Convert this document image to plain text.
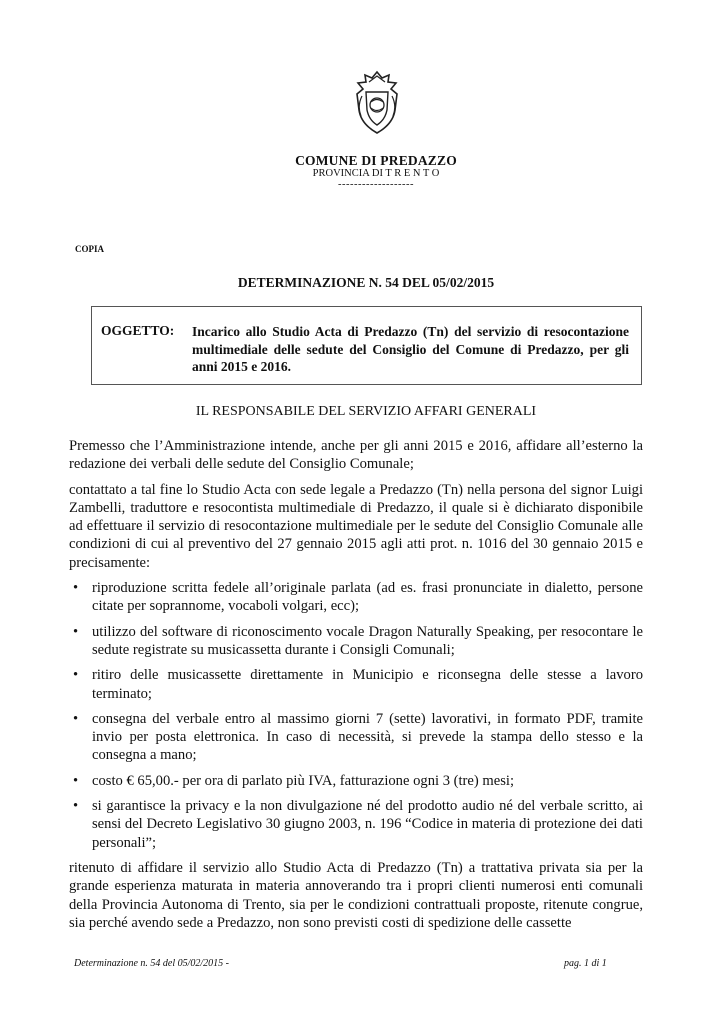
COMUNE DI PREDAZZO
PROVINCIA DI T R E N T O
-------------------
COPIA
DETERMINAZIONE N. 54 DEL 05/02/2015
OGGETTO: Incarico allo Studio Acta di Predazzo (Tn) del servizio di resocontazione multimediale delle sedute del Consiglio del Comune di Predazzo, per gli anni 2015 e 2016.
IL RESPONSABILE DEL SERVIZIO AFFARI GENERALI

Premesso che l’Amministrazione intende, anche per gli anni 2015 e 2016, affidare all’esterno la redazione dei verbali delle sedute del Consiglio Comunale;

contattato a tal fine lo Studio Acta con sede legale a Predazzo (Tn) nella persona del signor Luigi Zambelli, traduttore e resocontista multimediale di Predazzo, il quale si è dichiarato disponibile ad effettuare il servizio di resocontazione multimediale per le sedute del Consiglio Comunale alle condizioni di cui al preventivo del 27 gennaio 2015 agli atti prot. n. 1016 del 30 gennaio 2015 e precisamente:

• riproduzione scritta fedele all’originale parlata (ad es. frasi pronunciate in dialetto, persone citate per soprannome, vocaboli volgari, ecc);
• utilizzo del software di riconoscimento vocale Dragon Naturally Speaking, per resocontare le sedute registrate su musicassetta durante i Consigli Comunali;
• ritiro delle musicassette direttamente in Municipio e riconsegna delle stesse a lavoro terminato;
• consegna del verbale entro al massimo giorni 7 (sette) lavorativi, in formato PDF, tramite invio per posta elettronica. In caso di necessità, si prevede la stampa dello stesso e la consegna a mano;
• costo € 65,00.- per ora di parlato più IVA, fatturazione ogni 3 (tre) mesi;
• si garantisce la privacy e la non divulgazione né del prodotto audio né del verbale scritto, ai sensi del Decreto Legislativo 30 giugno 2003, n. 196 “Codice in materia di protezione dei dati personali”;

ritenuto di affidare il servizio allo Studio Acta di Predazzo (Tn) a trattativa privata sia per la grande esperienza maturata in materia annoverando tra i propri clienti numerosi enti comunali della Provincia Autonoma di Trento, sia per le condizioni contrattuali proposte, ritenute congrue, sia perché avendo sede a Predazzo, non sono previsti costi di spedizione delle cassette

Determinazione n. 54 del 05/02/2015 -	pag. 1 di 1
